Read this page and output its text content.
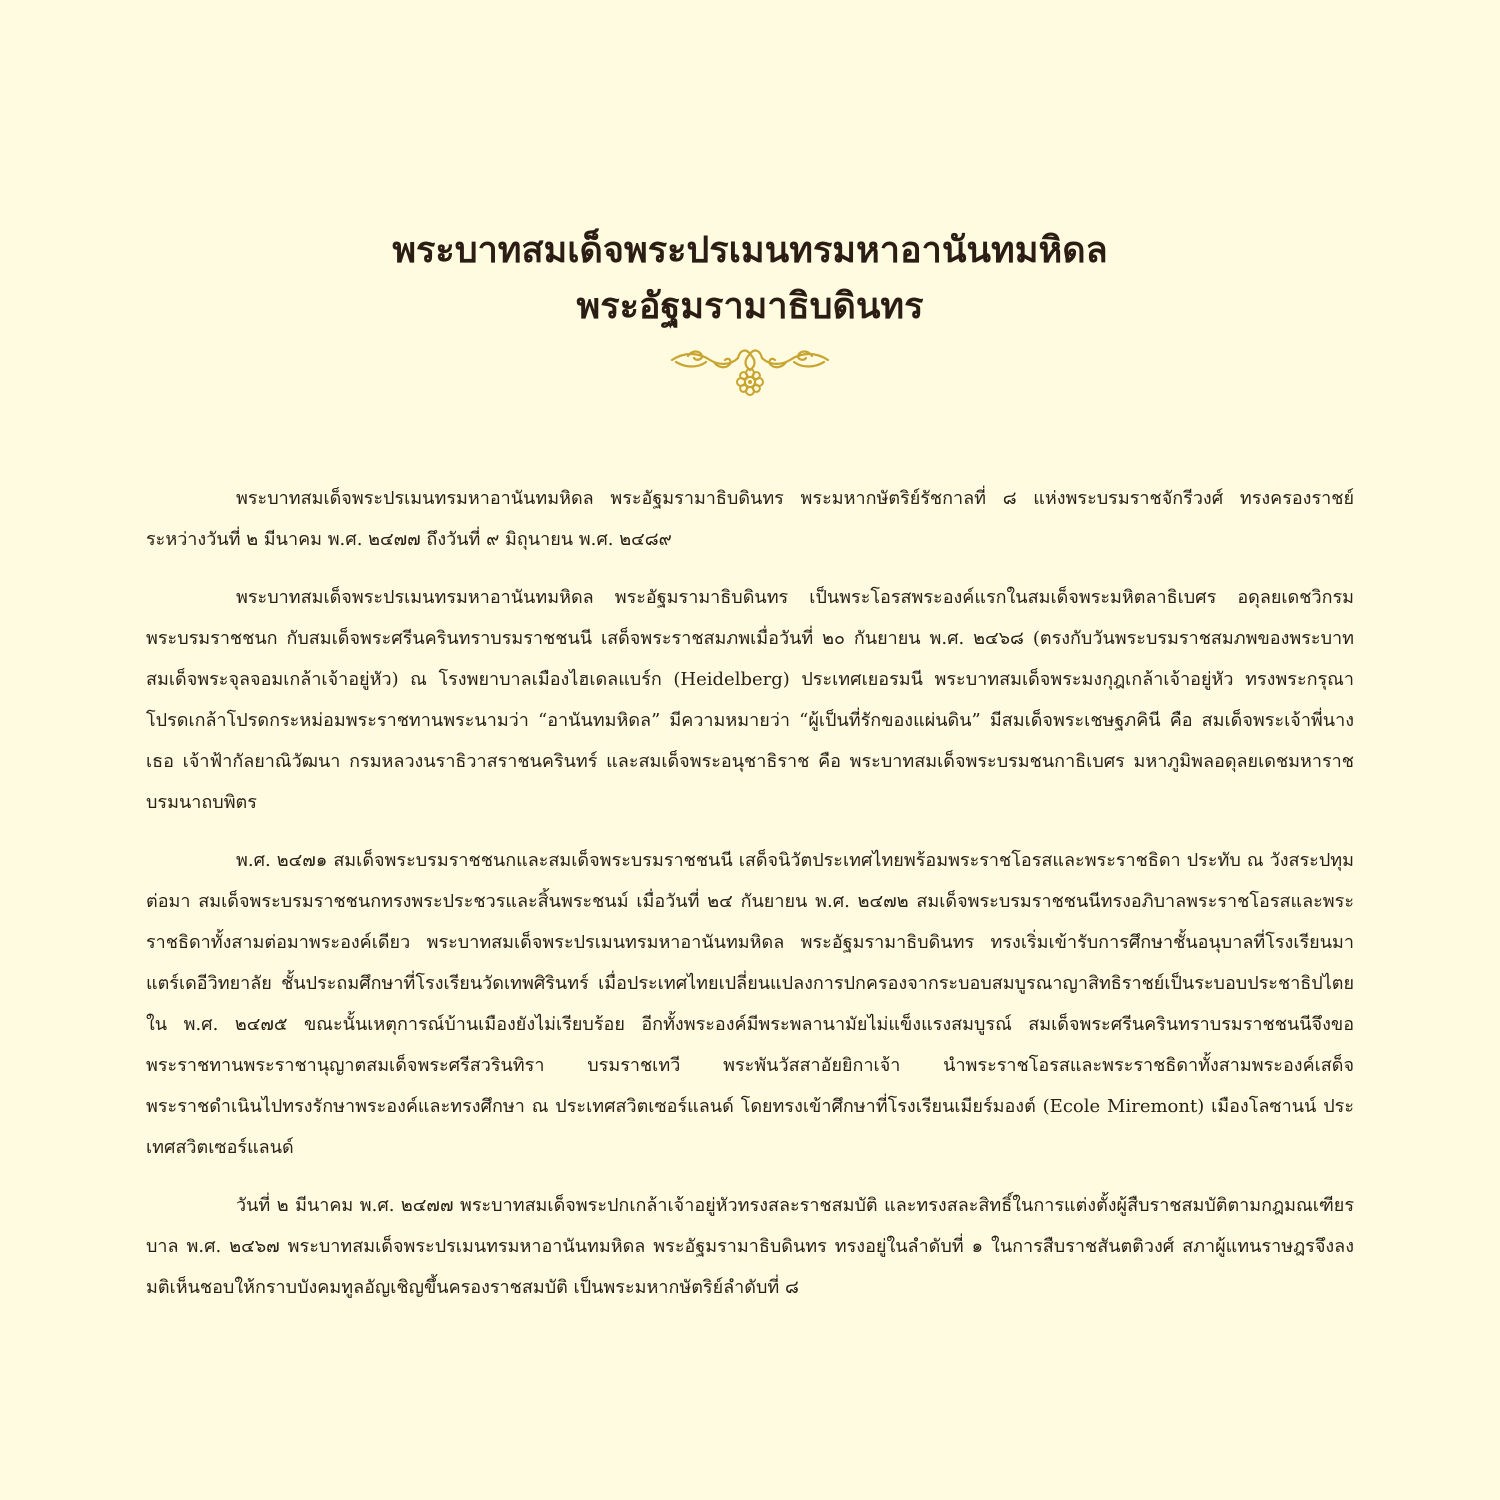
พระบาทสมเด็จพระปรเมนทรมหาอานันทมหิดล
พระอัฐมรามาธิบดินทร

พระบาทสมเด็จพระปรเมนทรมหาอานันทมหิดล พระอัฐมรามาธิบดินทร พระมหากษัตริย์รัชกาลที่ ๘ แห่งพระบรมราชจักรีวงศ์ ทรงครองราชย์ระหว่างวันที่ ๒ มีนาคม พ.ศ. ๒๔๗๗ ถึงวันที่ ๙ มิถุนายน พ.ศ. ๒๔๘๙

พระบาทสมเด็จพระปรเมนทรมหาอานันทมหิดล พระอัฐมรามาธิบดินทร เป็นพระโอรสพระองค์แรกในสมเด็จพระมหิตลาธิเบศร อดุลยเดชวิกรม พระบรมราชชนก กับสมเด็จพระศรีนครินทราบรมราชชนนี เสด็จพระราชสมภพเมื่อวันที่ ๒๐ กันยายน พ.ศ. ๒๔๖๘ (ตรงกับวันพระบรมราชสมภพของพระบาทสมเด็จพระจุลจอมเกล้าเจ้าอยู่หัว) ณ โรงพยาบาลเมืองไฮเดลแบร์ก (Heidelberg) ประเทศเยอรมนี พระบาทสมเด็จพระมงกุฎเกล้าเจ้าอยู่หัว ทรงพระกรุณาโปรดเกล้าโปรดกระหม่อมพระราชทานพระนามว่า “อานันทมหิดล” มีความหมายว่า “ผู้เป็นที่รักของแผ่นดิน” มีสมเด็จพระเชษฐภคินี คือ สมเด็จพระเจ้าพี่นางเธอ เจ้าฟ้ากัลยาณิวัฒนา กรมหลวงนราธิวาสราชนครินทร์ และสมเด็จพระอนุชาธิราช คือ พระบาทสมเด็จพระบรมชนกาธิเบศร มหาภูมิพลอดุลยเดชมหาราช บรมนาถบพิตร

พ.ศ. ๒๔๗๑ สมเด็จพระบรมราชชนกและสมเด็จพระบรมราชชนนี เสด็จนิวัตประเทศไทยพร้อมพระราชโอรสและพระราชธิดา ประทับ ณ วังสระปทุม ต่อมา สมเด็จพระบรมราชชนกทรงพระประชวรและสิ้นพระชนม์ เมื่อวันที่ ๒๔ กันยายน พ.ศ. ๒๔๗๒ สมเด็จพระบรมราชชนนีทรงอภิบาลพระราชโอรสและพระราชธิดาทั้งสามต่อมาพระองค์เดียว พระบาทสมเด็จพระปรเมนทรมหาอานันทมหิดล พระอัฐมรามาธิบดินทร ทรงเริ่มเข้ารับการศึกษาชั้นอนุบาลที่โรงเรียนมาแตร์เดอีวิทยาลัย ชั้นประถมศึกษาที่โรงเรียนวัดเทพศิรินทร์ เมื่อประเทศไทยเปลี่ยนแปลงการปกครองจากระบอบสมบูรณาญาสิทธิราชย์เป็นระบอบประชาธิปไตยใน พ.ศ. ๒๔๗๕ ขณะนั้นเหตุการณ์บ้านเมืองยังไม่เรียบร้อย อีกทั้งพระองค์มีพระพลานามัยไม่แข็งแรงสมบูรณ์ สมเด็จพระศรีนครินทราบรมราชชนนีจึงขอพระราชทานพระราชานุญาตสมเด็จพระศรีสวรินทิรา บรมราชเทวี พระพันวัสสาอัยยิกาเจ้า นำพระราชโอรสและพระราชธิดาทั้งสามพระองค์เสด็จพระราชดำเนินไปทรงรักษาพระองค์และทรงศึกษา ณ ประเทศสวิตเซอร์แลนด์ โดยทรงเข้าศึกษาที่โรงเรียนเมียร์มองต์ (Ecole Miremont) เมืองโลซานน์ ประเทศสวิตเซอร์แลนด์

วันที่ ๒ มีนาคม พ.ศ. ๒๔๗๗ พระบาทสมเด็จพระปกเกล้าเจ้าอยู่หัวทรงสละราชสมบัติ และทรงสละสิทธิ์ในการแต่งตั้งผู้สืบราชสมบัติตามกฎมณเฑียรบาล พ.ศ. ๒๔๖๗ พระบาทสมเด็จพระปรเมนทรมหาอานันทมหิดล พระอัฐมรามาธิบดินทร ทรงอยู่ในลำดับที่ ๑ ในการสืบราชสันตติวงศ์ สภาผู้แทนราษฎรจึงลงมติเห็นชอบให้กราบบังคมทูลอัญเชิญขึ้นครองราชสมบัติ เป็นพระมหากษัตริย์ลำดับที่ ๘
